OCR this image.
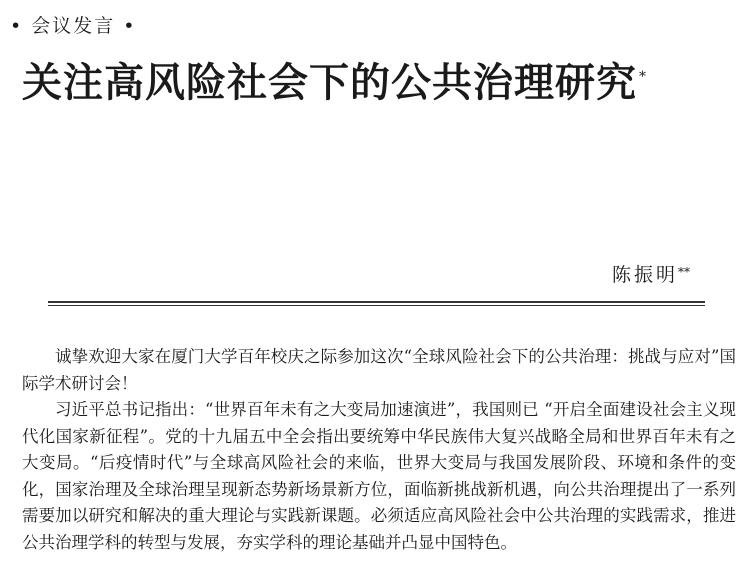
• 会议发言 •
关注高风险社会下的公共治理研究 *
陈振明**

诚挚欢迎大家在厦门大学百年校庆之际参加这次“全球风险社会下的公共治理：挑战与应对”国际学术研讨会！

习近平总书记指出：“世界百年未有之大变局加速演进”，我国则已 “开启全面建设社会主义现代化国家新征程”。党的十九届五中全会指出要统筹中华民族伟大复兴战略全局和世界百年未有之大变局。“后疫情时代”与全球高风险社会的来临，世界大变局与我国发展阶段、环境和条件的变化，国家治理及全球治理呈现新态势新场景新方位，面临新挑战新机遇，向公共治理提出了一系列需要加以研究和解决的重大理论与实践新课题。必须适应高风险社会中公共治理的实践需求，推进公共治理学科的转型与发展，夯实学科的理论基础并凸显中国特色。
